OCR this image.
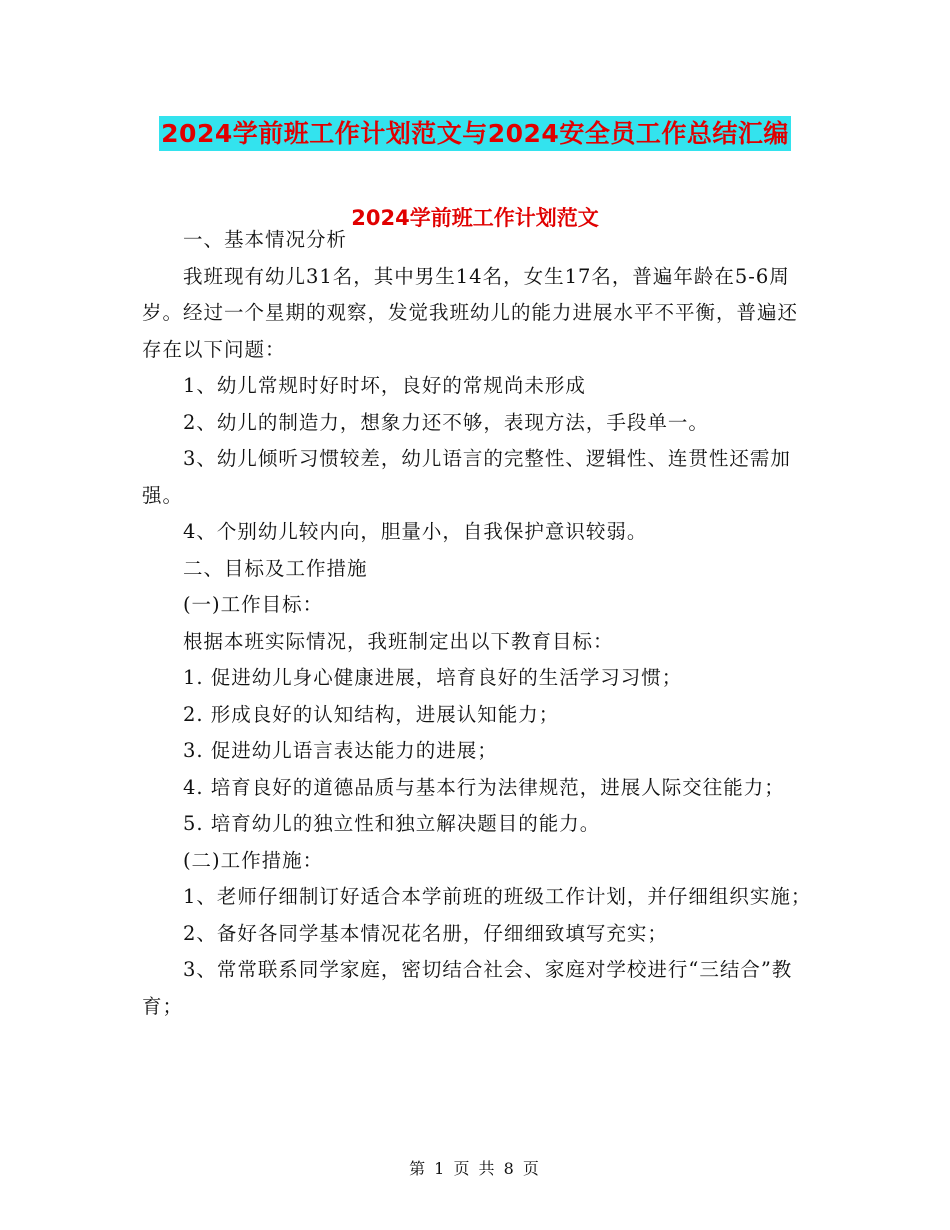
2024学前班工作计划范文与2024安全员工作总结汇编
2024学前班工作计划范文

一、基本情况分析

我班现有幼儿31名，其中男生14名，女生17名，普遍年龄在5-6周岁。经过一个星期的观察，发觉我班幼儿的能力进展水平不平衡，普遍还存在以下问题：

1、幼儿常规时好时坏，良好的常规尚未形成

2、幼儿的制造力，想象力还不够，表现方法，手段单一。

3、幼儿倾听习惯较差，幼儿语言的完整性、逻辑性、连贯性还需加强。

4、个别幼儿较内向，胆量小，自我保护意识较弱。

二、目标及工作措施

(一)工作目标：

根据本班实际情况，我班制定出以下教育目标：

1. 促进幼儿身心健康进展，培育良好的生活学习习惯；

2. 形成良好的认知结构，进展认知能力；

3. 促进幼儿语言表达能力的进展；

4. 培育良好的道德品质与基本行为法律规范，进展人际交往能力；

5. 培育幼儿的独立性和独立解决题目的能力。

(二)工作措施：

1、老师仔细制订好适合本学前班的班级工作计划，并仔细组织实施；

2、备好各同学基本情况花名册，仔细细致填写充实；

3、常常联系同学家庭，密切结合社会、家庭对学校进行“三结合”教育；

第 1 页 共 8 页
